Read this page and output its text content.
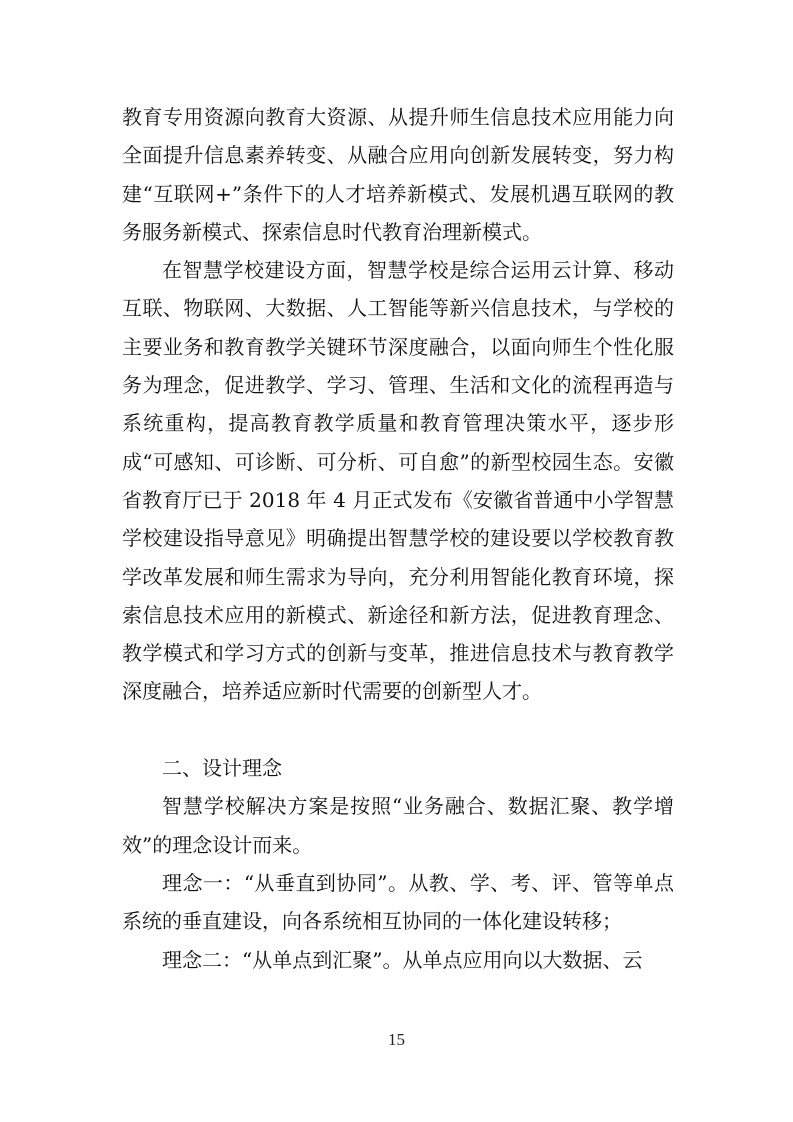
教育专用资源向教育大资源、从提升师生信息技术应用能力向全面提升信息素养转变、从融合应用向创新发展转变，努力构建“互联网+”条件下的人才培养新模式、发展机遇互联网的教务服务新模式、探索信息时代教育治理新模式。

在智慧学校建设方面，智慧学校是综合运用云计算、移动互联、物联网、大数据、人工智能等新兴信息技术，与学校的主要业务和教育教学关键环节深度融合，以面向师生个性化服务为理念，促进教学、学习、管理、生活和文化的流程再造与系统重构，提高教育教学质量和教育管理决策水平，逐步形成“可感知、可诊断、可分析、可自愈”的新型校园生态。安徽省教育厅已于 2018 年 4 月正式发布《安徽省普通中小学智慧学校建设指导意见》明确提出智慧学校的建设要以学校教育教学改革发展和师生需求为导向，充分利用智能化教育环境，探索信息技术应用的新模式、新途径和新方法，促进教育理念、教学模式和学习方式的创新与变革，推进信息技术与教育教学深度融合，培养适应新时代需要的创新型人才。

二、设计理念

智慧学校解决方案是按照“业务融合、数据汇聚、教学增效”的理念设计而来。

理念一：“从垂直到协同”。从教、学、考、评、管等单点系统的垂直建设，向各系统相互协同的一体化建设转移；

理念二：“从单点到汇聚”。从单点应用向以大数据、云

15
